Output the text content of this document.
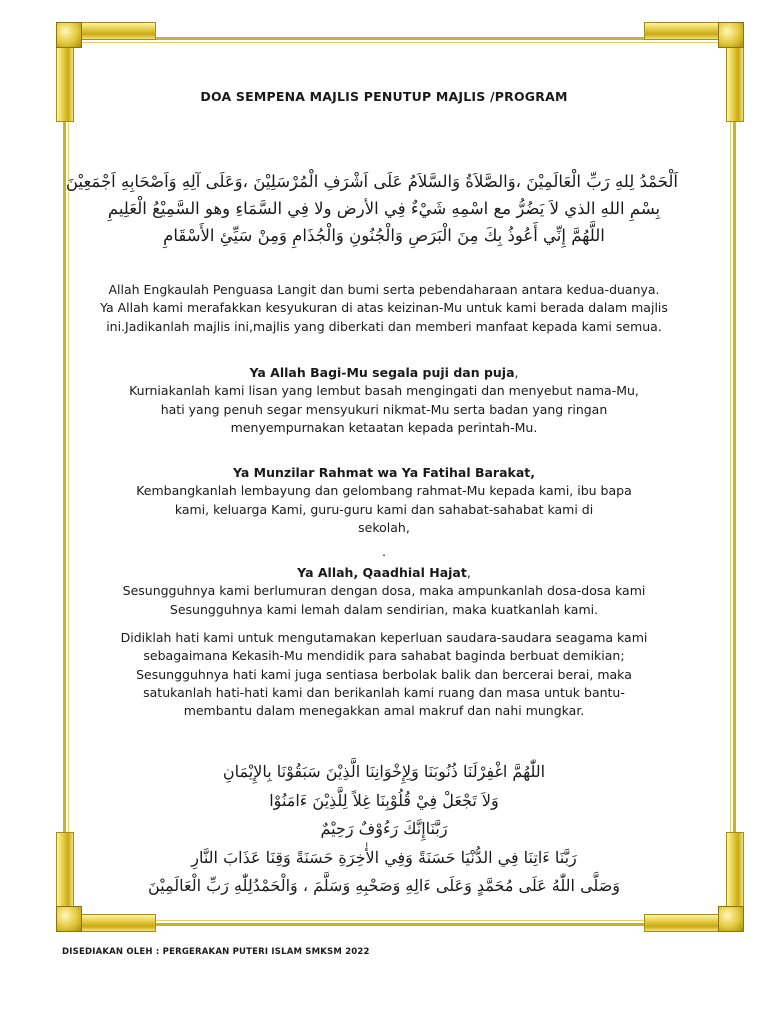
DOA SEMPENA MAJLIS PENUTUP MAJLIS /PROGRAM
اَلْحَمْدُ لِلهِ رَبِّ الْعَالَمِيْنَ ،وَالصَّلاَةُ وَالسَّلاَمُ عَلَى اَشْرَفِ الْمُرْسَلِيْنَ ،وَعَلَى آلِهِ وَاَصْحَابِهِ اَجْمَعِيْنَ
بِسْمِ اللهِ الذي لاَ يَضُرُّ مع اسْمِهِ شَيْءٌ فِي الأرض ولا فِي السَّمَاءِ وهو السَّمِيْعُ الْعَلِيمِ
اللَّهُمَّ إِنِّي أَعُوذُ بِكَ مِنَ الْبَرَصِ وَالْجُنُونِ وَالْجُذَامِ وَمِنْ سَيِّئِ الأَسْقَامِ
Allah Engkaulah Penguasa Langit dan bumi serta pebendaharaan antara kedua-duanya.
Ya Allah kami merafakkan kesyukuran di atas keizinan-Mu untuk kami berada dalam majlis
ini.Jadikanlah majlis ini,majlis yang diberkati dan memberi manfaat kepada kami semua.
Ya Allah Bagi-Mu segala puji dan puja,
Kurniakanlah kami lisan yang lembut basah mengingati dan menyebut nama-Mu,
hati yang penuh segar mensyukuri nikmat-Mu serta badan yang ringan
menyempurnakan ketaatan kepada perintah-Mu.
Ya Munzilar Rahmat wa Ya Fatihal Barakat,
Kembangkanlah lembayung dan gelombang rahmat-Mu kepada kami, ibu bapa
kami, keluarga Kami, guru-guru kami dan sahabat-sahabat kami di
sekolah,
.
Ya Allah, Qaadhial Hajat,
Sesungguhnya kami berlumuran dengan dosa, maka ampunkanlah dosa-dosa kami
Sesungguhnya kami lemah dalam sendirian, maka kuatkanlah kami.
Didiklah hati kami untuk mengutamakan keperluan saudara-saudara seagama kami
sebagaimana Kekasih-Mu mendidik para sahabat baginda berbuat demikian;
Sesungguhnya hati kami juga sentiasa berbolak balik dan bercerai berai, maka
satukanlah hati-hati kami dan berikanlah kami ruang dan masa untuk bantu-
membantu dalam menegakkan amal makruf dan nahi mungkar.
اللّٰهُمَّ اغْفِرْلَنَا ذُنُوبَنَا وَلِإِخْوَانِنَا الَّذِيْنَ سَبَقُوْنَا بِالإِيْمَانِ
وَلاَ تَجْعَلْ فِيْ قُلُوْبِنَا غِلاً لِلَّذِيْنَ ءَامَنُوْا
رَبَّنَاإِنَّكَ رَءُوْفٌ رَحِيْمٌ
رَبَّنَا ءَاتِنَا فِي الدُّنْيَا حَسَنَةً وَفِي الأٰخِرَةِ حَسَنَةً وَقِنَا عَذَابَ النَّارِ
وَصَلَّى اللّٰهُ عَلَى مُحَمَّدٍ وَعَلَى ءَالِهِ وَصَحْبِهِ وَسَلَّمَ ، وَالْحَمْدُلِلّٰهِ رَبِّ الْعَالَمِيْنَ
DISEDIAKAN OLEH : PERGERAKAN PUTERI ISLAM SMKSM 2022
